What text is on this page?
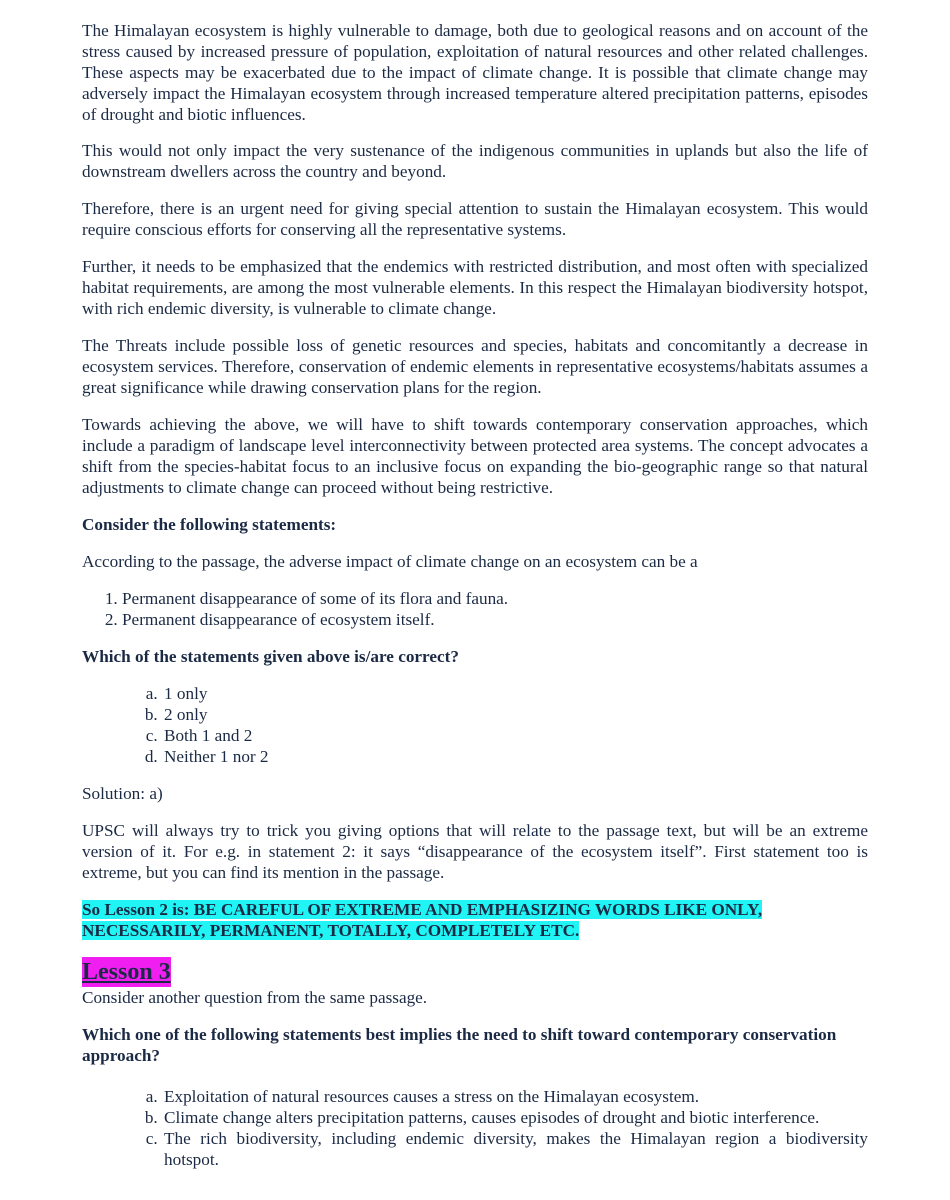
The Himalayan ecosystem is highly vulnerable to damage, both due to geological reasons and on account of the stress caused by increased pressure of population, exploitation of natural resources and other related challenges. These aspects may be exacerbated due to the impact of climate change. It is possible that climate change may adversely impact the Himalayan ecosystem through increased temperature altered precipitation patterns, episodes of drought and biotic influences.

This would not only impact the very sustenance of the indigenous communities in uplands but also the life of downstream dwellers across the country and beyond.

Therefore, there is an urgent need for giving special attention to sustain the Himalayan ecosystem. This would require conscious efforts for conserving all the representative systems.

Further, it needs to be emphasized that the endemics with restricted distribution, and most often with specialized habitat requirements, are among the most vulnerable elements. In this respect the Himalayan biodiversity hotspot, with rich endemic diversity, is vulnerable to climate change.

The Threats include possible loss of genetic resources and species, habitats and concomitantly a decrease in ecosystem services. Therefore, conservation of endemic elements in representative ecosystems/habitats assumes a great significance while drawing conservation plans for the region.

Towards achieving the above, we will have to shift towards contemporary conservation approaches, which include a paradigm of landscape level interconnectivity between protected area systems. The concept advocates a shift from the species-habitat focus to an inclusive focus on expanding the bio-geographic range so that natural adjustments to climate change can proceed without being restrictive.

Consider the following statements:

According to the passage, the adverse impact of climate change on an ecosystem can be a

1. Permanent disappearance of some of its flora and fauna.
2. Permanent disappearance of ecosystem itself.

Which of the statements given above is/are correct?

a. 1 only
b. 2 only
c. Both 1 and 2
d. Neither 1 nor 2

Solution: a)

UPSC will always try to trick you giving options that will relate to the passage text, but will be an extreme version of it. For e.g. in statement 2: it says “disappearance of the ecosystem itself”. First statement too is extreme, but you can find its mention in the passage.

So Lesson 2 is: BE CAREFUL OF EXTREME AND EMPHASIZING WORDS LIKE ONLY, NECESSARILY, PERMANENT, TOTALLY, COMPLETELY ETC.
Lesson 3

Consider another question from the same passage.

Which one of the following statements best implies the need to shift toward contemporary conservation approach?

a. Exploitation of natural resources causes a stress on the Himalayan ecosystem.
b. Climate change alters precipitation patterns, causes episodes of drought and biotic interference.
c. The rich biodiversity, including endemic diversity, makes the Himalayan region a biodiversity hotspot.
